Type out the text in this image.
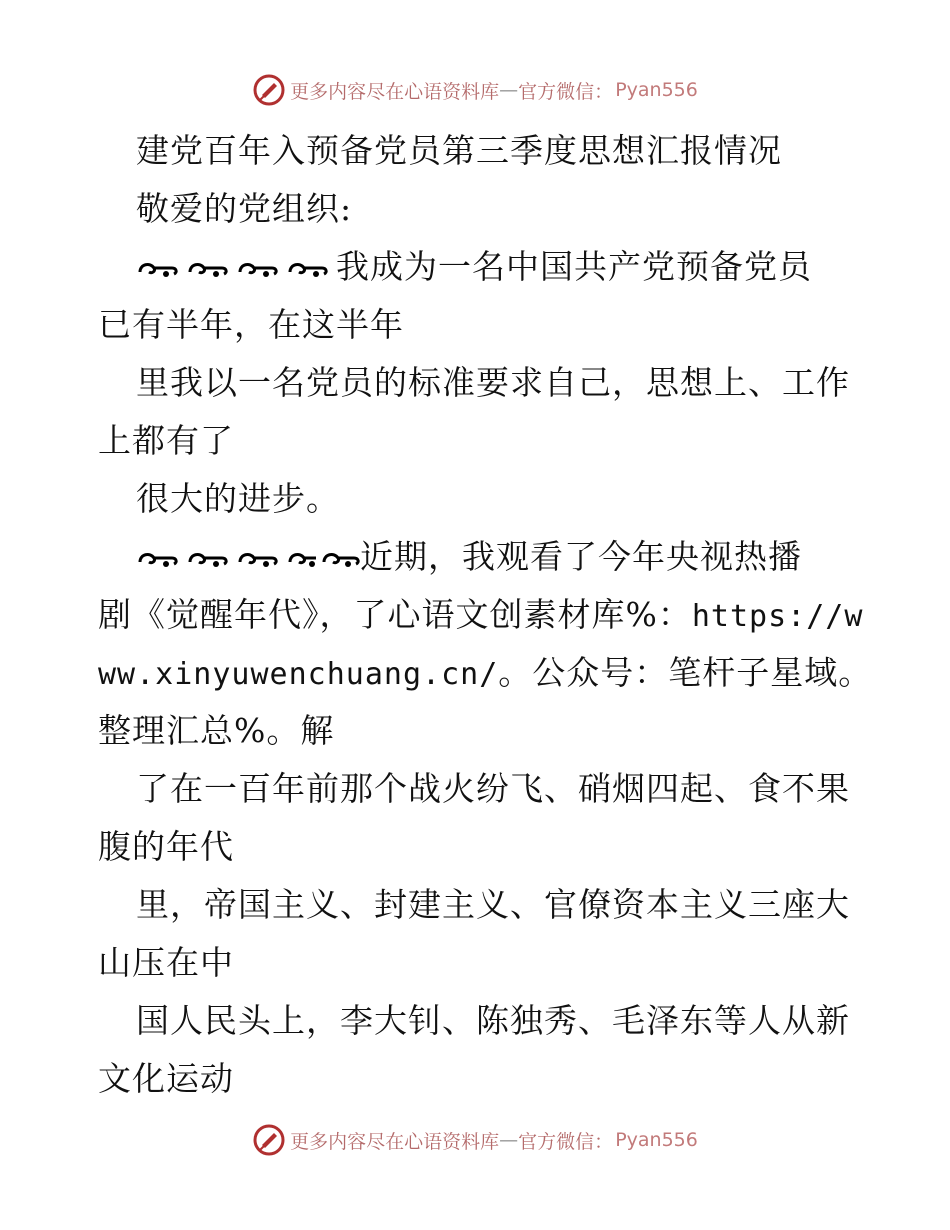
更多内容尽在心语资料库 — 官方微信： Pyan556
建党百年入预备党员第三季度思想汇报情况
敬爱的党组织:
我成为一名中国共产党预备党员
已有半年，在这半年
里我以一名党员的标准要求自己，思想上、工作
上都有了
很大的进步。
近期，我观看了今年央视热播
剧《觉醒年代》，了心语文创素材库%：https://w
ww.xinyuwenchuang.cn/。公众号：笔杆子星域。
整理汇总%。解
了在一百年前那个战火纷飞、硝烟四起、食不果
腹的年代
里，帝国主义、封建主义、官僚资本主义三座大
山压在中
国人民头上，李大钊、陈独秀、毛泽东等人从新
文化运动
更多内容尽在心语资料库 — 官方微信： Pyan556
